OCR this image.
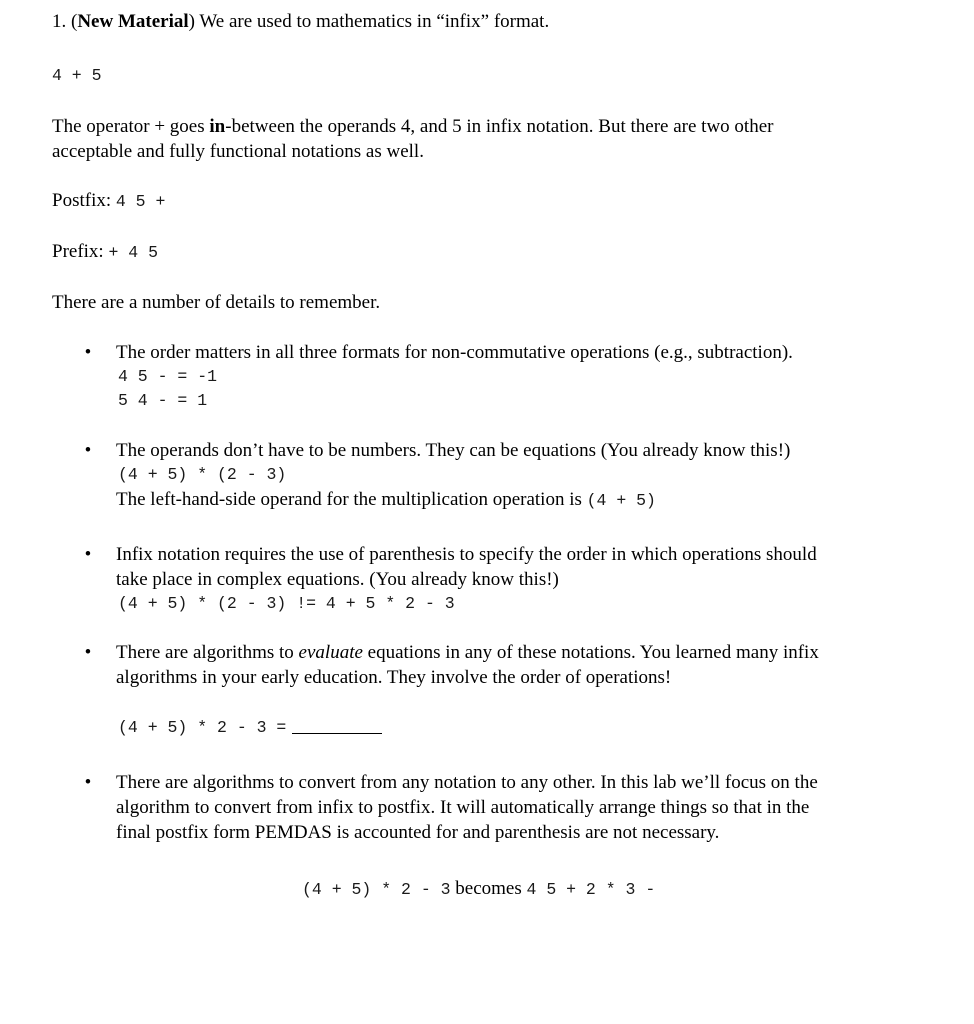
1. (New Material) We are used to mathematics in “infix” format.
4 + 5
The operator + goes in-between the operands 4, and 5 in infix notation. But there are two other
acceptable and fully functional notations as well.
Postfix: 4 5 +
Prefix: + 4 5
There are a number of details to remember.
• The order matters in all three formats for non-commutative operations (e.g., subtraction).
4 5 - = -1
5 4 - = 1
• The operands don’t have to be numbers. They can be equations (You already know this!)
(4 + 5) * (2 - 3)
The left-hand-side operand for the multiplication operation is (4 + 5)
• Infix notation requires the use of parenthesis to specify the order in which operations should
take place in complex equations. (You already know this!)
(4 + 5) * (2 - 3) != 4 + 5 * 2 - 3
• There are algorithms to evaluate equations in any of these notations. You learned many infix
algorithms in your early education. They involve the order of operations!
(4 + 5) * 2 - 3 =
• There are algorithms to convert from any notation to any other. In this lab we’ll focus on the
algorithm to convert from infix to postfix. It will automatically arrange things so that in the
final postfix form PEMDAS is accounted for and parenthesis are not necessary.
(4 + 5) * 2 - 3 becomes 4 5 + 2 * 3 -
